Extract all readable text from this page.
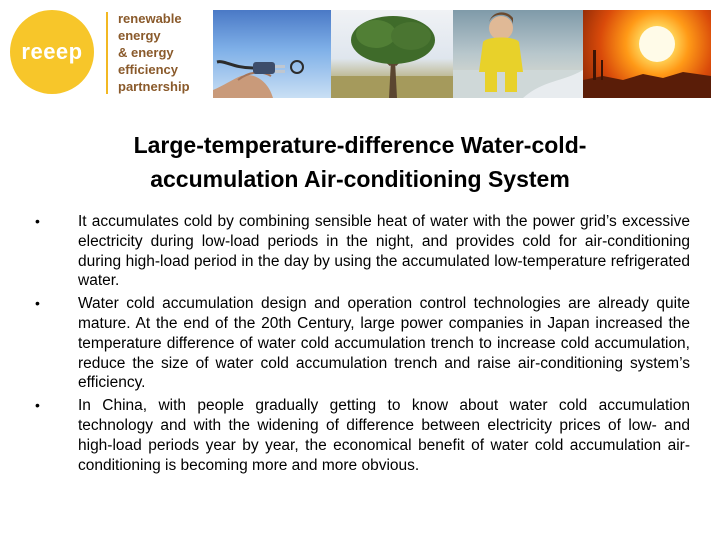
reeep
renewable
energy
& energy
efficiency
partnership
Large-temperature-difference Water-cold-
accumulation Air-conditioning System
• It accumulates cold by combining sensible heat of water with the power grid’s excessive electricity during low-load periods in the night, and provides cold for air-conditioning during high-load period in the day by using the accumulated low-temperature refrigerated water.
• Water cold accumulation design and operation control technologies are already quite mature. At the end of the 20th Century, large power companies in Japan increased the temperature difference of water cold accumulation trench to increase cold accumulation, reduce the size of water cold accumulation trench and raise air-conditioning system’s efficiency.
• In China, with people gradually getting to know about water cold accumulation technology and with the widening of difference between electricity prices of low- and high-load periods year by year, the economical benefit of water cold accumulation air-conditioning is becoming more and more obvious.
